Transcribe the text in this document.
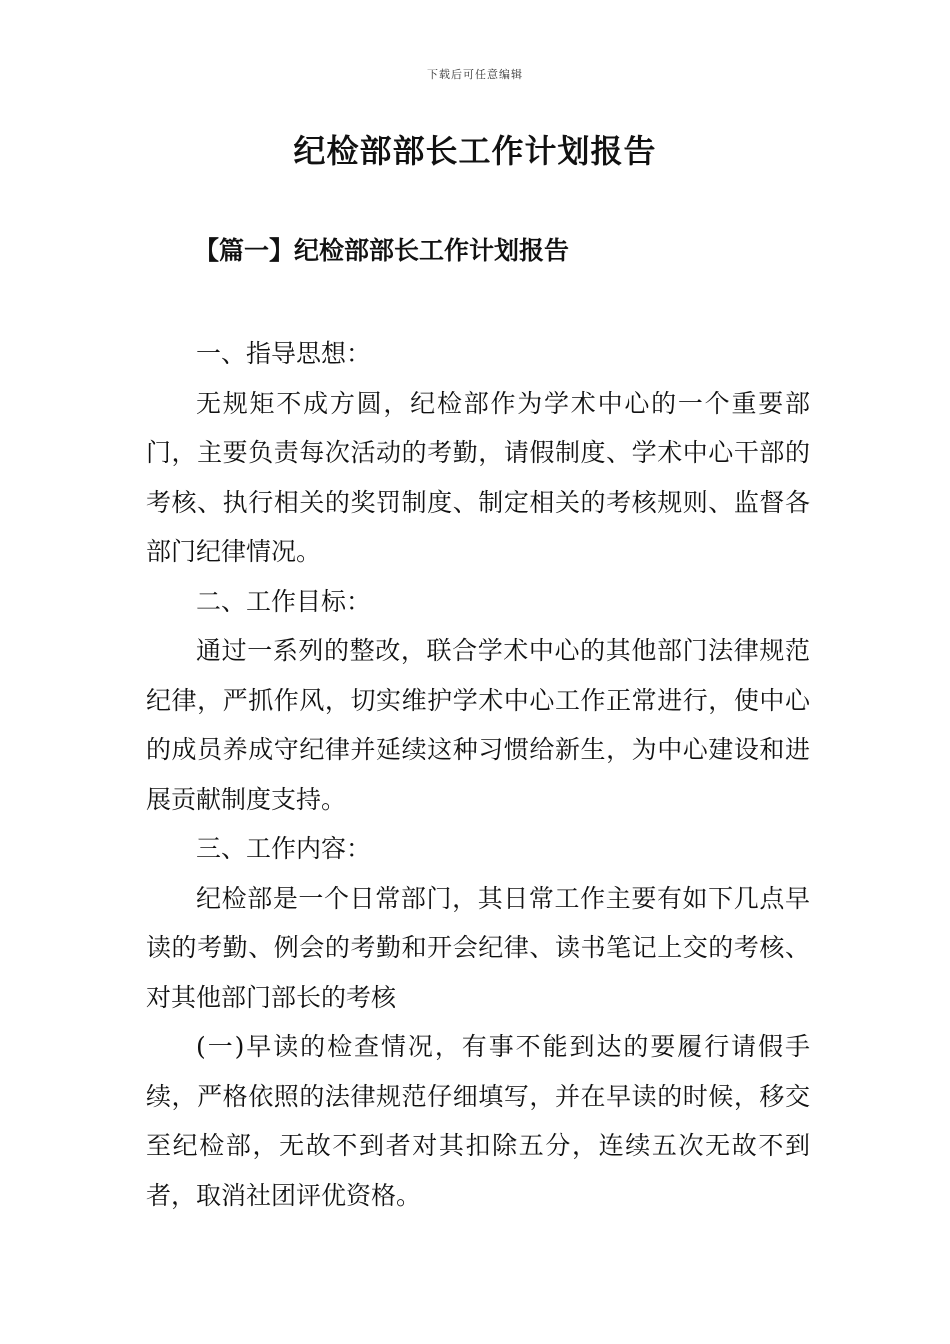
下载后可任意编辑
纪检部部长工作计划报告
【篇一】纪检部部长工作计划报告

一、指导思想：

无规矩不成方圆，纪检部作为学术中心的一个重要部门，主要负责每次活动的考勤，请假制度、学术中心干部的考核、执行相关的奖罚制度、制定相关的考核规则、监督各部门纪律情况。

二、工作目标：

通过一系列的整改，联合学术中心的其他部门法律规范纪律，严抓作风，切实维护学术中心工作正常进行，使中心的成员养成守纪律并延续这种习惯给新生，为中心建设和进展贡献制度支持。

三、工作内容：

纪检部是一个日常部门，其日常工作主要有如下几点早读的考勤、例会的考勤和开会纪律、读书笔记上交的考核、对其他部门部长的考核

(一)早读的检查情况，有事不能到达的要履行请假手续，严格依照的法律规范仔细填写，并在早读的时候，移交至纪检部，无故不到者对其扣除五分，连续五次无故不到者，取消社团评优资格。
